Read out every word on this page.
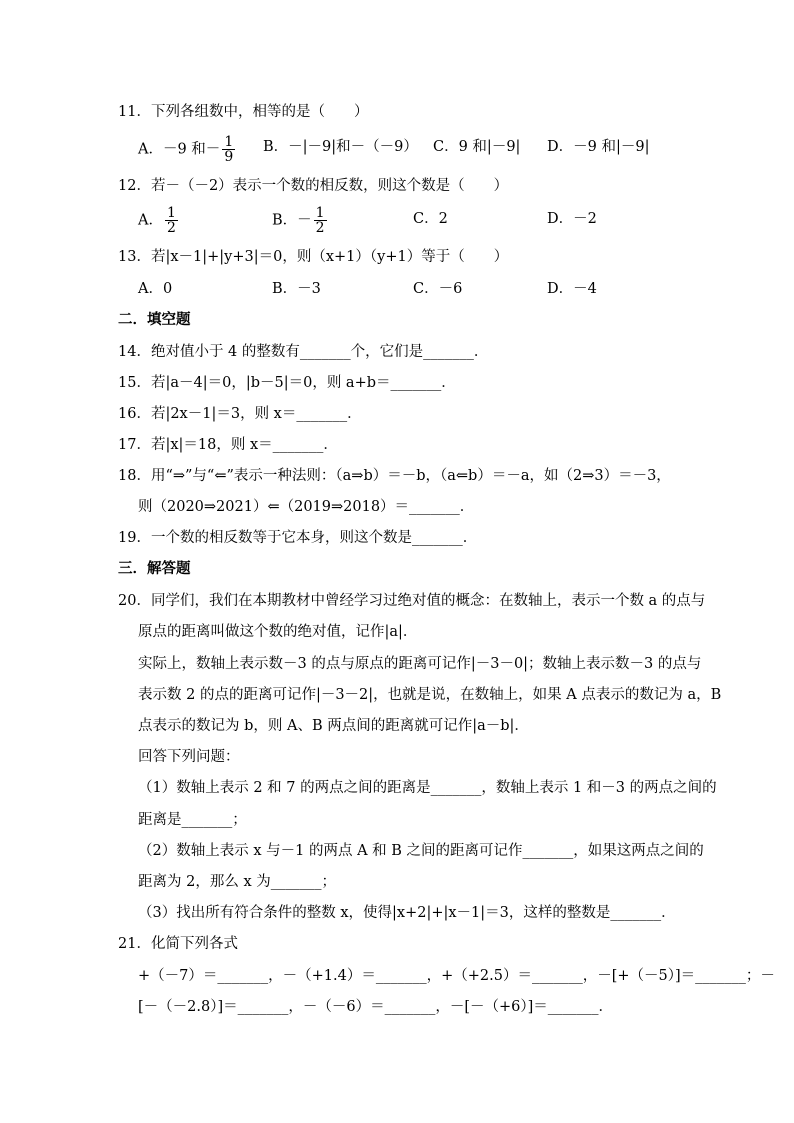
11．下列各组数中，相等的是（　　）
A．－9 和－ $\frac{1}{9}$ B．－|－9|和－（－9） C．9 和|－9| D．－9 和|－9|
12．若－（－2）表示一个数的相反数，则这个数是（　　）
A． $\frac{1}{2}$	B．－ $\frac{1}{2}$	C．2	D．－2
13．若|x－1|+|y+3|＝0，则（x+1）（y+1）等于（　　）
A．0	B．－3	C．－6	D．－4
二．填空题
14．绝对值小于 4 的整数有_______个，它们是_______．
15．若|a－4|＝0，|b－5|＝0，则 a+b＝_______．
16．若|2x－1|＝3，则 x＝_______．
17．若|x|＝18，则 x＝_______．
18．用“⇒”与“⇐”表示一种法则：（a⇒b）＝－b，（a⇐b）＝－a，如（2⇒3）＝－3，
则（2020⇒2021）⇐（2019⇒2018）＝_______．
19．一个数的相反数等于它本身，则这个数是_______．
三．解答题
20．同学们，我们在本期教材中曾经学习过绝对值的概念：在数轴上，表示一个数 a 的点与
原点的距离叫做这个数的绝对值，记作|a|．
实际上，数轴上表示数－3 的点与原点的距离可记作|－3－0|；数轴上表示数－3 的点与
表示数 2 的点的距离可记作|－3－2|，也就是说，在数轴上，如果 A 点表示的数记为 a，B
点表示的数记为 b，则 A、B 两点间的距离就可记作|a－b|．
回答下列问题：
（1）数轴上表示 2 和 7 的两点之间的距离是_______，数轴上表示 1 和－3 的两点之间的
距离是_______；
（2）数轴上表示 x 与－1 的两点 A 和 B 之间的距离可记作_______，如果这两点之间的
距离为 2，那么 x 为_______；
（3）找出所有符合条件的整数 x，使得|x+2|+|x－1|＝3，这样的整数是_______．
21．化简下列各式
+（－7）＝_______，－（+1.4）＝_______，+（+2.5）＝_______，－[+（－5）]＝_______；－
[－（－2.8）]＝_______，－（－6）＝_______，－[－（+6）]＝_______．
